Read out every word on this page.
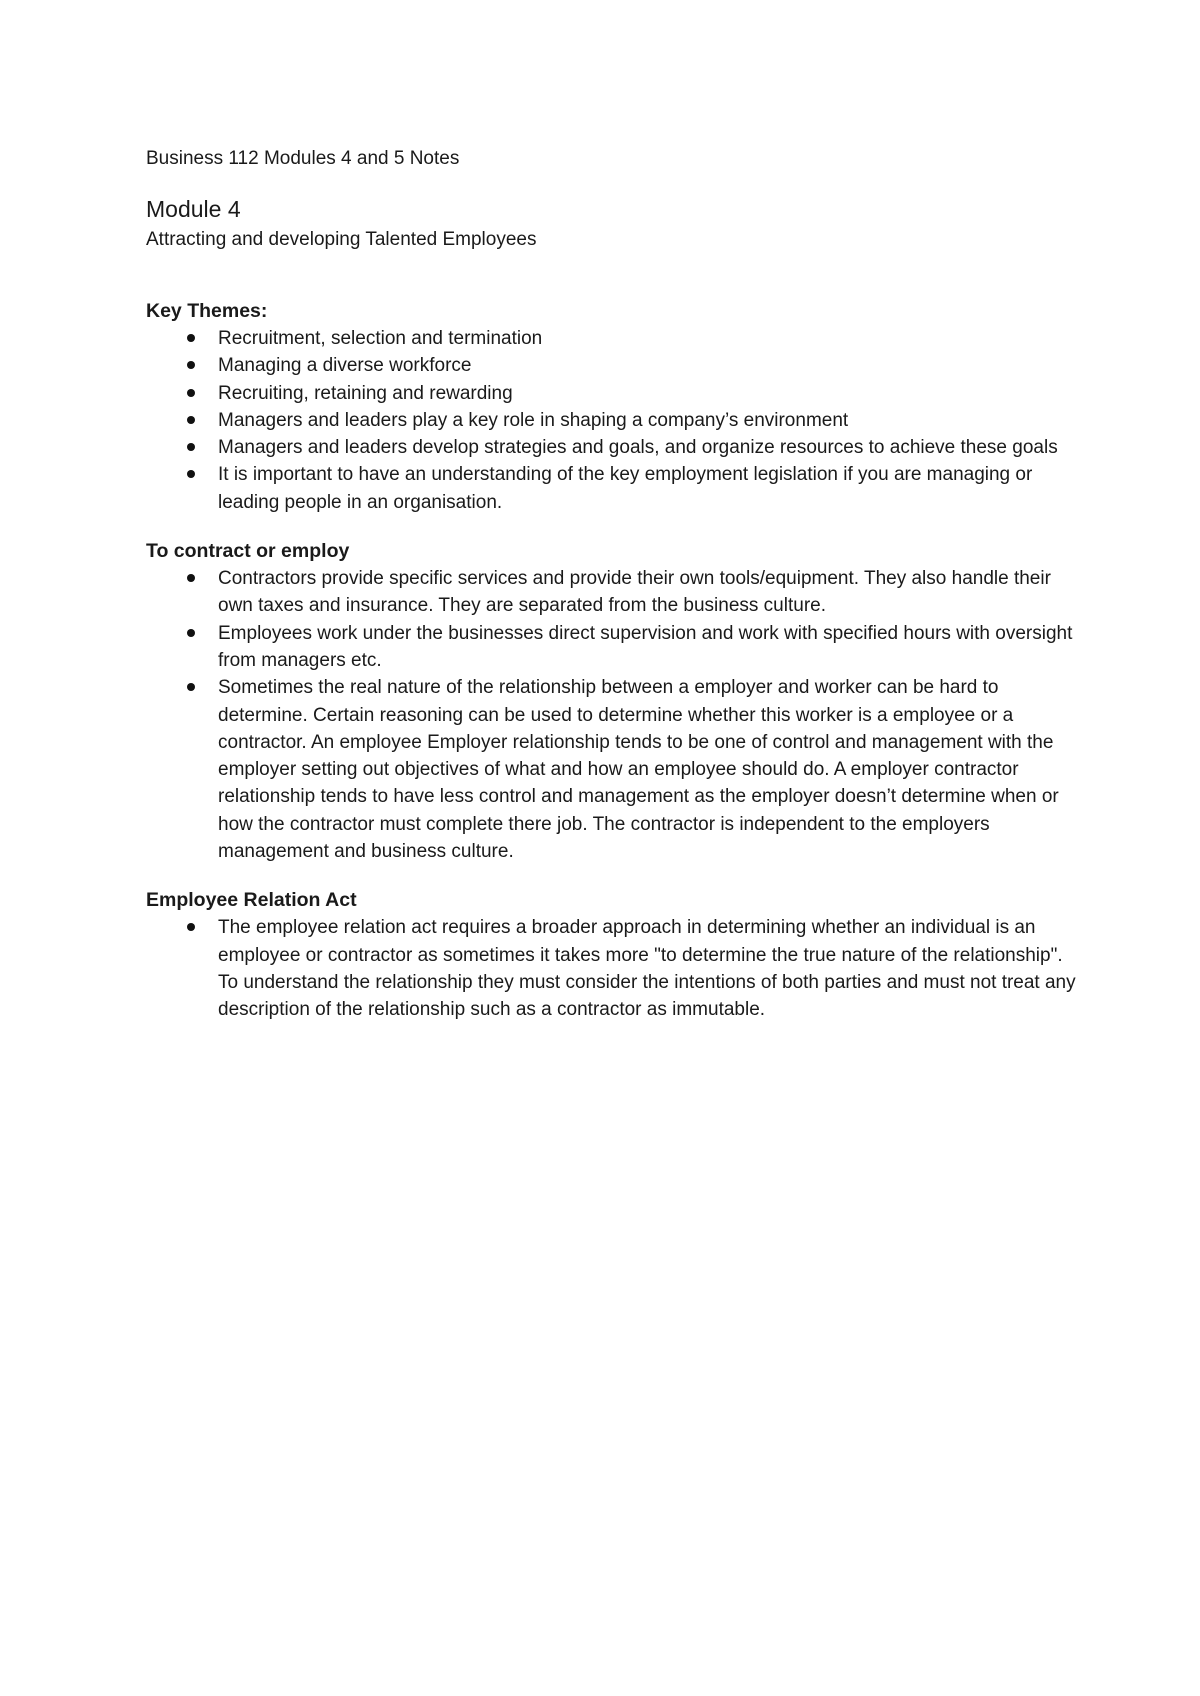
Business 112 Modules 4 and 5 Notes
Module 4
Attracting and developing Talented Employees
Key Themes:
Recruitment, selection and termination
Managing a diverse workforce
Recruiting, retaining and rewarding
Managers and leaders play a key role in shaping a company’s environment
Managers and leaders develop strategies and goals, and organize resources to achieve these goals
It is important to have an understanding of the key employment legislation if you are managing or leading people in an organisation.
To contract or employ
Contractors provide specific services and provide their own tools/equipment. They also handle their own taxes and insurance. They are separated from the business culture.
Employees work under the businesses direct supervision and work with specified hours with oversight from managers etc.
Sometimes the real nature of the relationship between a employer and worker can be hard to determine. Certain reasoning can be used to determine whether this worker is a employee or a contractor. An employee Employer relationship tends to be one of control and management with the employer setting out objectives of what and how an employee should do. A employer contractor relationship tends to have less control and management as the employer doesn’t determine when or how the contractor must complete there job. The contractor is independent to the employers management and business culture.
Employee Relation Act
The employee relation act requires a broader approach in determining whether an individual is an employee or contractor as sometimes it takes more "to determine the true nature of the relationship". To understand the relationship they must consider the intentions of both parties and must not treat any description of the relationship such as a contractor as immutable.
